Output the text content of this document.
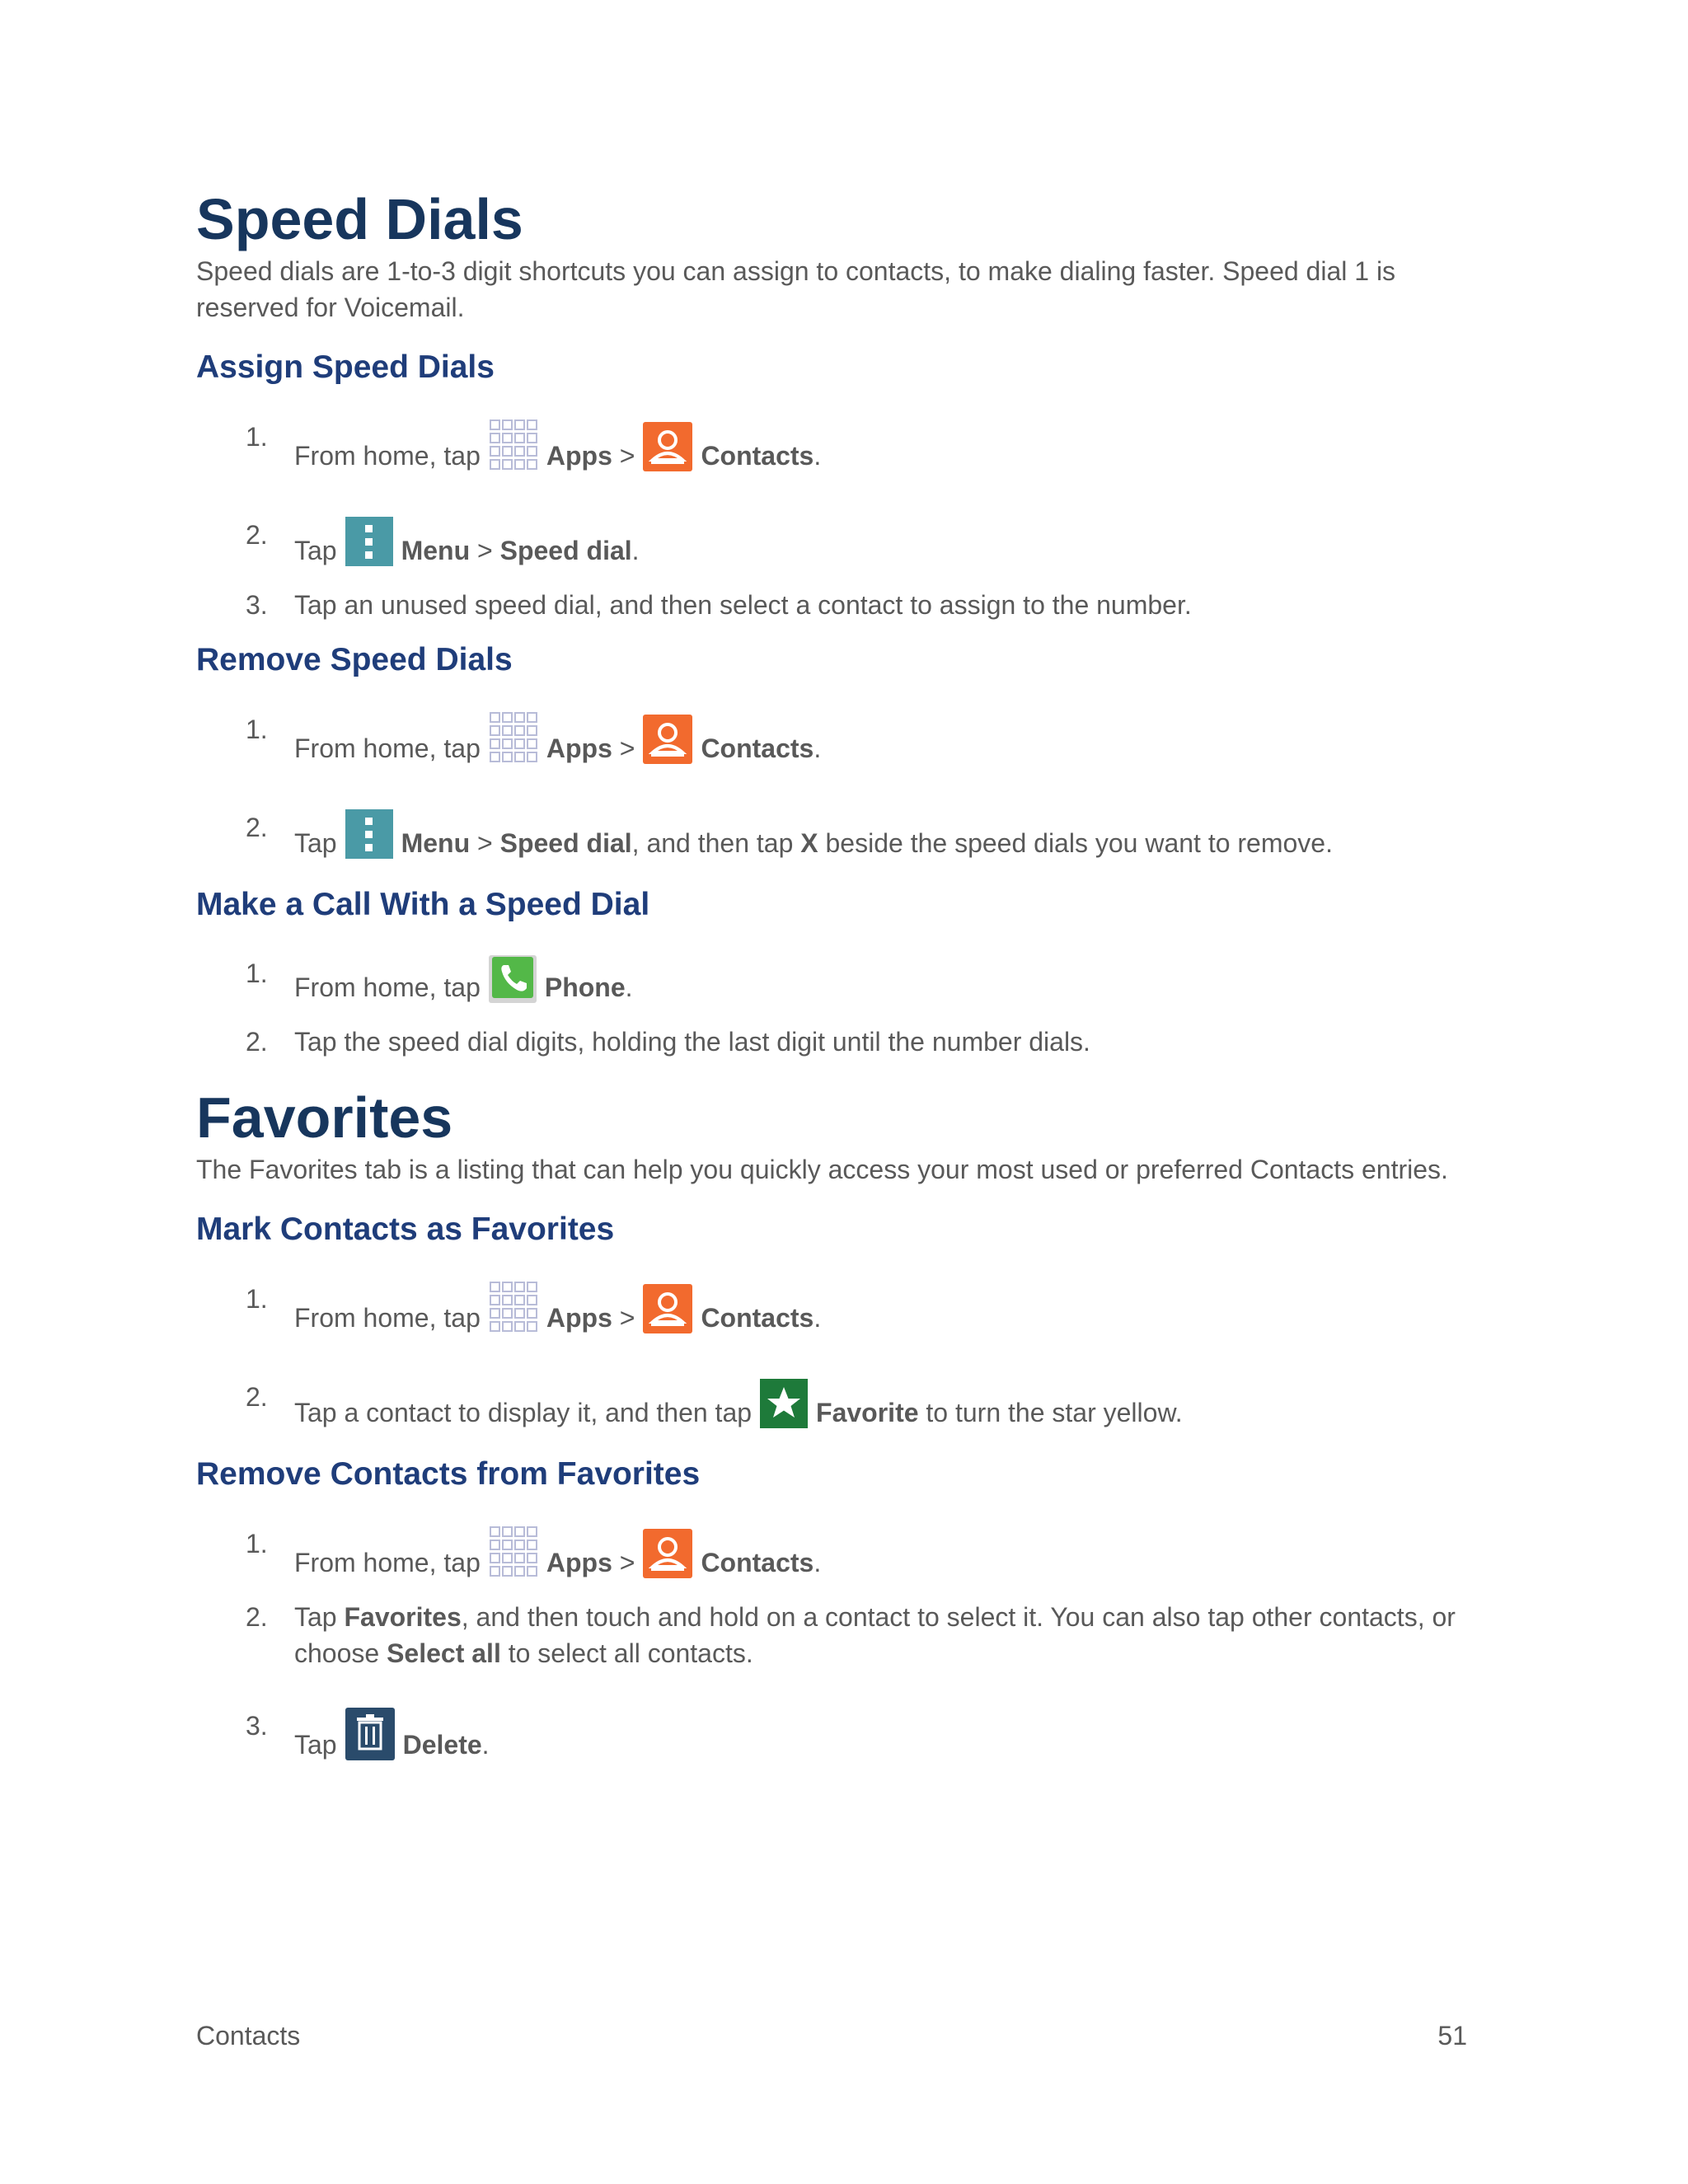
Speed Dials

Speed dials are 1-to-3 digit shortcuts you can assign to contacts, to make dialing faster. Speed dial 1 is reserved for Voicemail.

Assign Speed Dials
1.
From home, tap	Apps >	Contacts.
2.
Tap Menu > Speed dial.
3. Tap an unused speed dial, and then select a contact to assign to the number.
Remove Speed Dials
1.
From home, tap	Apps >	Contacts.
2.
Tap Menu > Speed dial, and then tap X beside the speed dials you want to remove.
Make a Call With a Speed Dial
1. From home, tap Phone.
2. Tap the speed dial digits, holding the last digit until the number dials.
Favorites

The Favorites tab is a listing that can help you quickly access your most used or preferred Contacts entries.

Mark Contacts as Favorites
1.
From home, tap	Apps >	Contacts.
2.
Tap a contact to display it, and then tap Favorite to turn the star yellow.
Remove Contacts from Favorites
1.
From home, tap	Apps >	Contacts.
2. Tap Favorites, and then touch and hold on a contact to select it. You can also tap other contacts, or choose Select all to select all contacts.
3.
Tap	Delete.
Contacts	51
